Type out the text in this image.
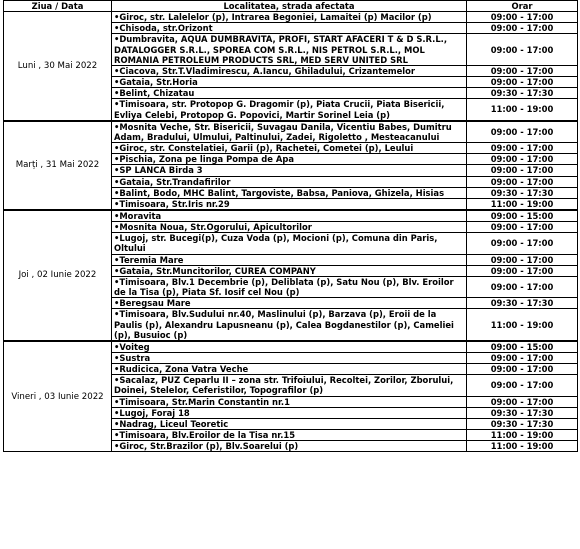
Ziua / Data	Localitatea, strada afectata	Orar
Luni , 30 Mai 2022	•Giroc, str. Lalelelor (p), Intrarea Begoniei, Lamaitei (p) Macilor (p)	09:00 - 17:00
	•Chisoda, str.Orizont	09:00 - 17:00
	•Dumbravita, AQUA DUMBRAVITA, PROFI, START AFACERI T & D S.R.L., DATALOGGER S.R.L., SPOREA COM S.R.L., NIS PETROL S.R.L., MOL ROMANIA PETROLEUM PRODUCTS SRL, MED SERV UNITED SRL	09:00 - 17:00
	•Ciacova, Str.T.Vladimirescu, A.Iancu, Ghiladului, Crizantemelor	09:00 - 17:00
	•Gataia, Str.Horia	09:00 - 17:00
	•Belint, Chizatau	09:30 - 17:30
	•Timisoara, str. Protopop G. Dragomir (p), Piata Crucii, Piata Bisericii, Evliya Celebi, Protopop G. Popovici, Martir Sorinel Leia (p)	11:00 - 19:00
Marți , 31 Mai 2022	•Mosnita Veche, Str. Bisericii, Suvagau Danila, Vicentiu Babes, Dumitru Adam, Bradului, Ulmului, Paltinului, Zadei, Rigoletto , Mesteacanului	09:00 - 17:00
	•Giroc, str. Constelatiei, Garii (p), Rachetei, Cometei (p), Leului	09:00 - 17:00
	•Pischia, Zona pe linga Pompa de Apa	09:00 - 17:00
	•SP LANCA Birda 3	09:00 - 17:00
	•Gataia, Str.Trandafirilor	09:00 - 17:00
	•Balint, Bodo, MHC Balint, Targoviste, Babsa, Paniova, Ghizela, Hisias	09:30 - 17:30
	•Timisoara, Str.Iris nr.29	11:00 - 19:00
Joi , 02 Iunie 2022	•Moravita	09:00 - 15:00
	•Mosnita Noua, Str.Ogorului, Apicultorilor	09:00 - 17:00
	•Lugoj, str. Bucegi(p), Cuza Voda (p), Mocioni (p), Comuna din Paris, Oltului	09:00 - 17:00
	•Teremia Mare	09:00 - 17:00
	•Gataia, Str.Muncitorilor, CUREA COMPANY	09:00 - 17:00
	•Timisoara, Blv.1 Decembrie (p), Deliblata (p), Satu Nou (p), Blv. Eroilor de la Tisa (p), Piata Sf. Iosif cel Nou (p)	09:00 - 17:00
	•Beregsau Mare	09:30 - 17:30
	•Timisoara, Blv.Sudului nr.40, Maslinului (p), Barzava (p), Eroii de la Paulis (p), Alexandru Lapusneanu (p), Calea Bogdanestilor (p), Cameliei (p), Busuioc (p)	11:00 - 19:00
Vineri , 03 Iunie 2022	•Voiteg	09:00 - 15:00
	•Sustra	09:00 - 17:00
	•Rudicica, Zona Vatra Veche	09:00 - 17:00
	•Sacalaz, PUZ Ceparlu II – zona str. Trifoiului, Recoltei, Zorilor, Zborului, Doinei, Stelelor, Ceferistilor, Topografilor (p)	09:00 - 17:00
	•Timisoara, Str.Marin Constantin nr.1	09:00 - 17:00
	•Lugoj, Foraj 18	09:30 - 17:30
	•Nadrag, Liceul Teoretic	09:30 - 17:30
	•Timisoara, Blv.Eroilor de la Tisa nr.15	11:00 - 19:00
	•Giroc, Str.Brazilor (p), Blv.Soarelui (p)	11:00 - 19:00
